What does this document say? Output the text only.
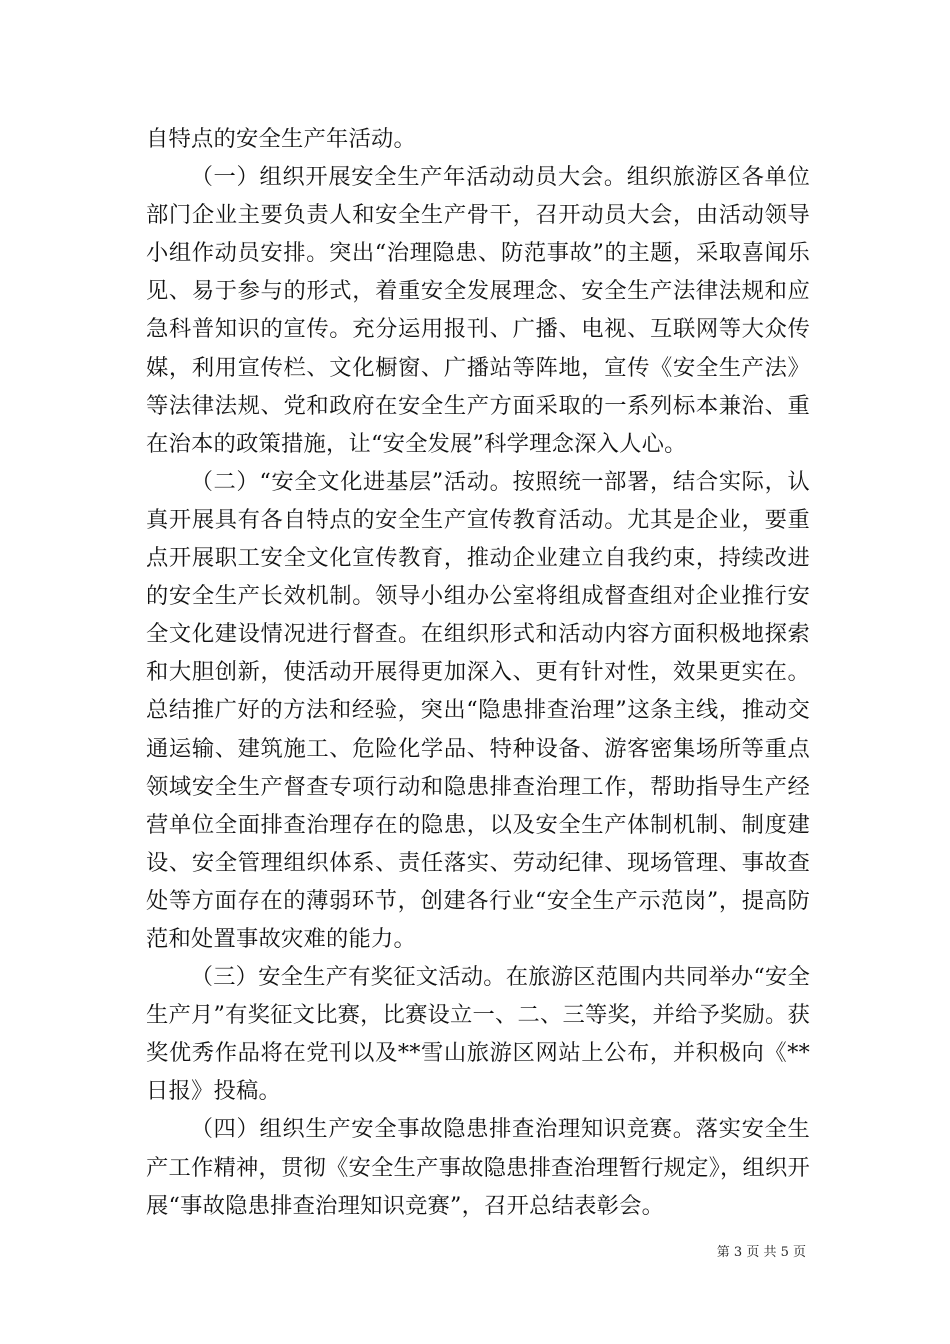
自特点的安全生产年活动。

（一）组织开展安全生产年活动动员大会。组织旅游区各单位部门企业主要负责人和安全生产骨干，召开动员大会，由活动领导小组作动员安排。突出“治理隐患、防范事故”的主题，采取喜闻乐见、易于参与的形式，着重安全发展理念、安全生产法律法规和应急科普知识的宣传。充分运用报刊、广播、电视、互联网等大众传媒，利用宣传栏、文化橱窗、广播站等阵地，宣传《安全生产法》等法律法规、党和政府在安全生产方面采取的一系列标本兼治、重在治本的政策措施，让“安全发展”科学理念深入人心。

（二）“安全文化进基层”活动。按照统一部署，结合实际，认真开展具有各自特点的安全生产宣传教育活动。尤其是企业，要重点开展职工安全文化宣传教育，推动企业建立自我约束，持续改进的安全生产长效机制。领导小组办公室将组成督查组对企业推行安全文化建设情况进行督查。在组织形式和活动内容方面积极地探索和大胆创新，使活动开展得更加深入、更有针对性，效果更实在。总结推广好的方法和经验，突出“隐患排查治理”这条主线，推动交通运输、建筑施工、危险化学品、特种设备、游客密集场所等重点领域安全生产督查专项行动和隐患排查治理工作，帮助指导生产经营单位全面排查治理存在的隐患，以及安全生产体制机制、制度建设、安全管理组织体系、责任落实、劳动纪律、现场管理、事故查处等方面存在的薄弱环节，创建各行业“安全生产示范岗”，提高防范和处置事故灾难的能力。

（三）安全生产有奖征文活动。在旅游区范围内共同举办“安全生产月”有奖征文比赛，比赛设立一、二、三等奖，并给予奖励。获奖优秀作品将在党刊以及**雪山旅游区网站上公布，并积极向《**日报》投稿。

（四）组织生产安全事故隐患排查治理知识竞赛。落实安全生产工作精神，贯彻《安全生产事故隐患排查治理暂行规定》，组织开展“事故隐患排查治理知识竞赛”，召开总结表彰会。

第 3 页 共 5 页
